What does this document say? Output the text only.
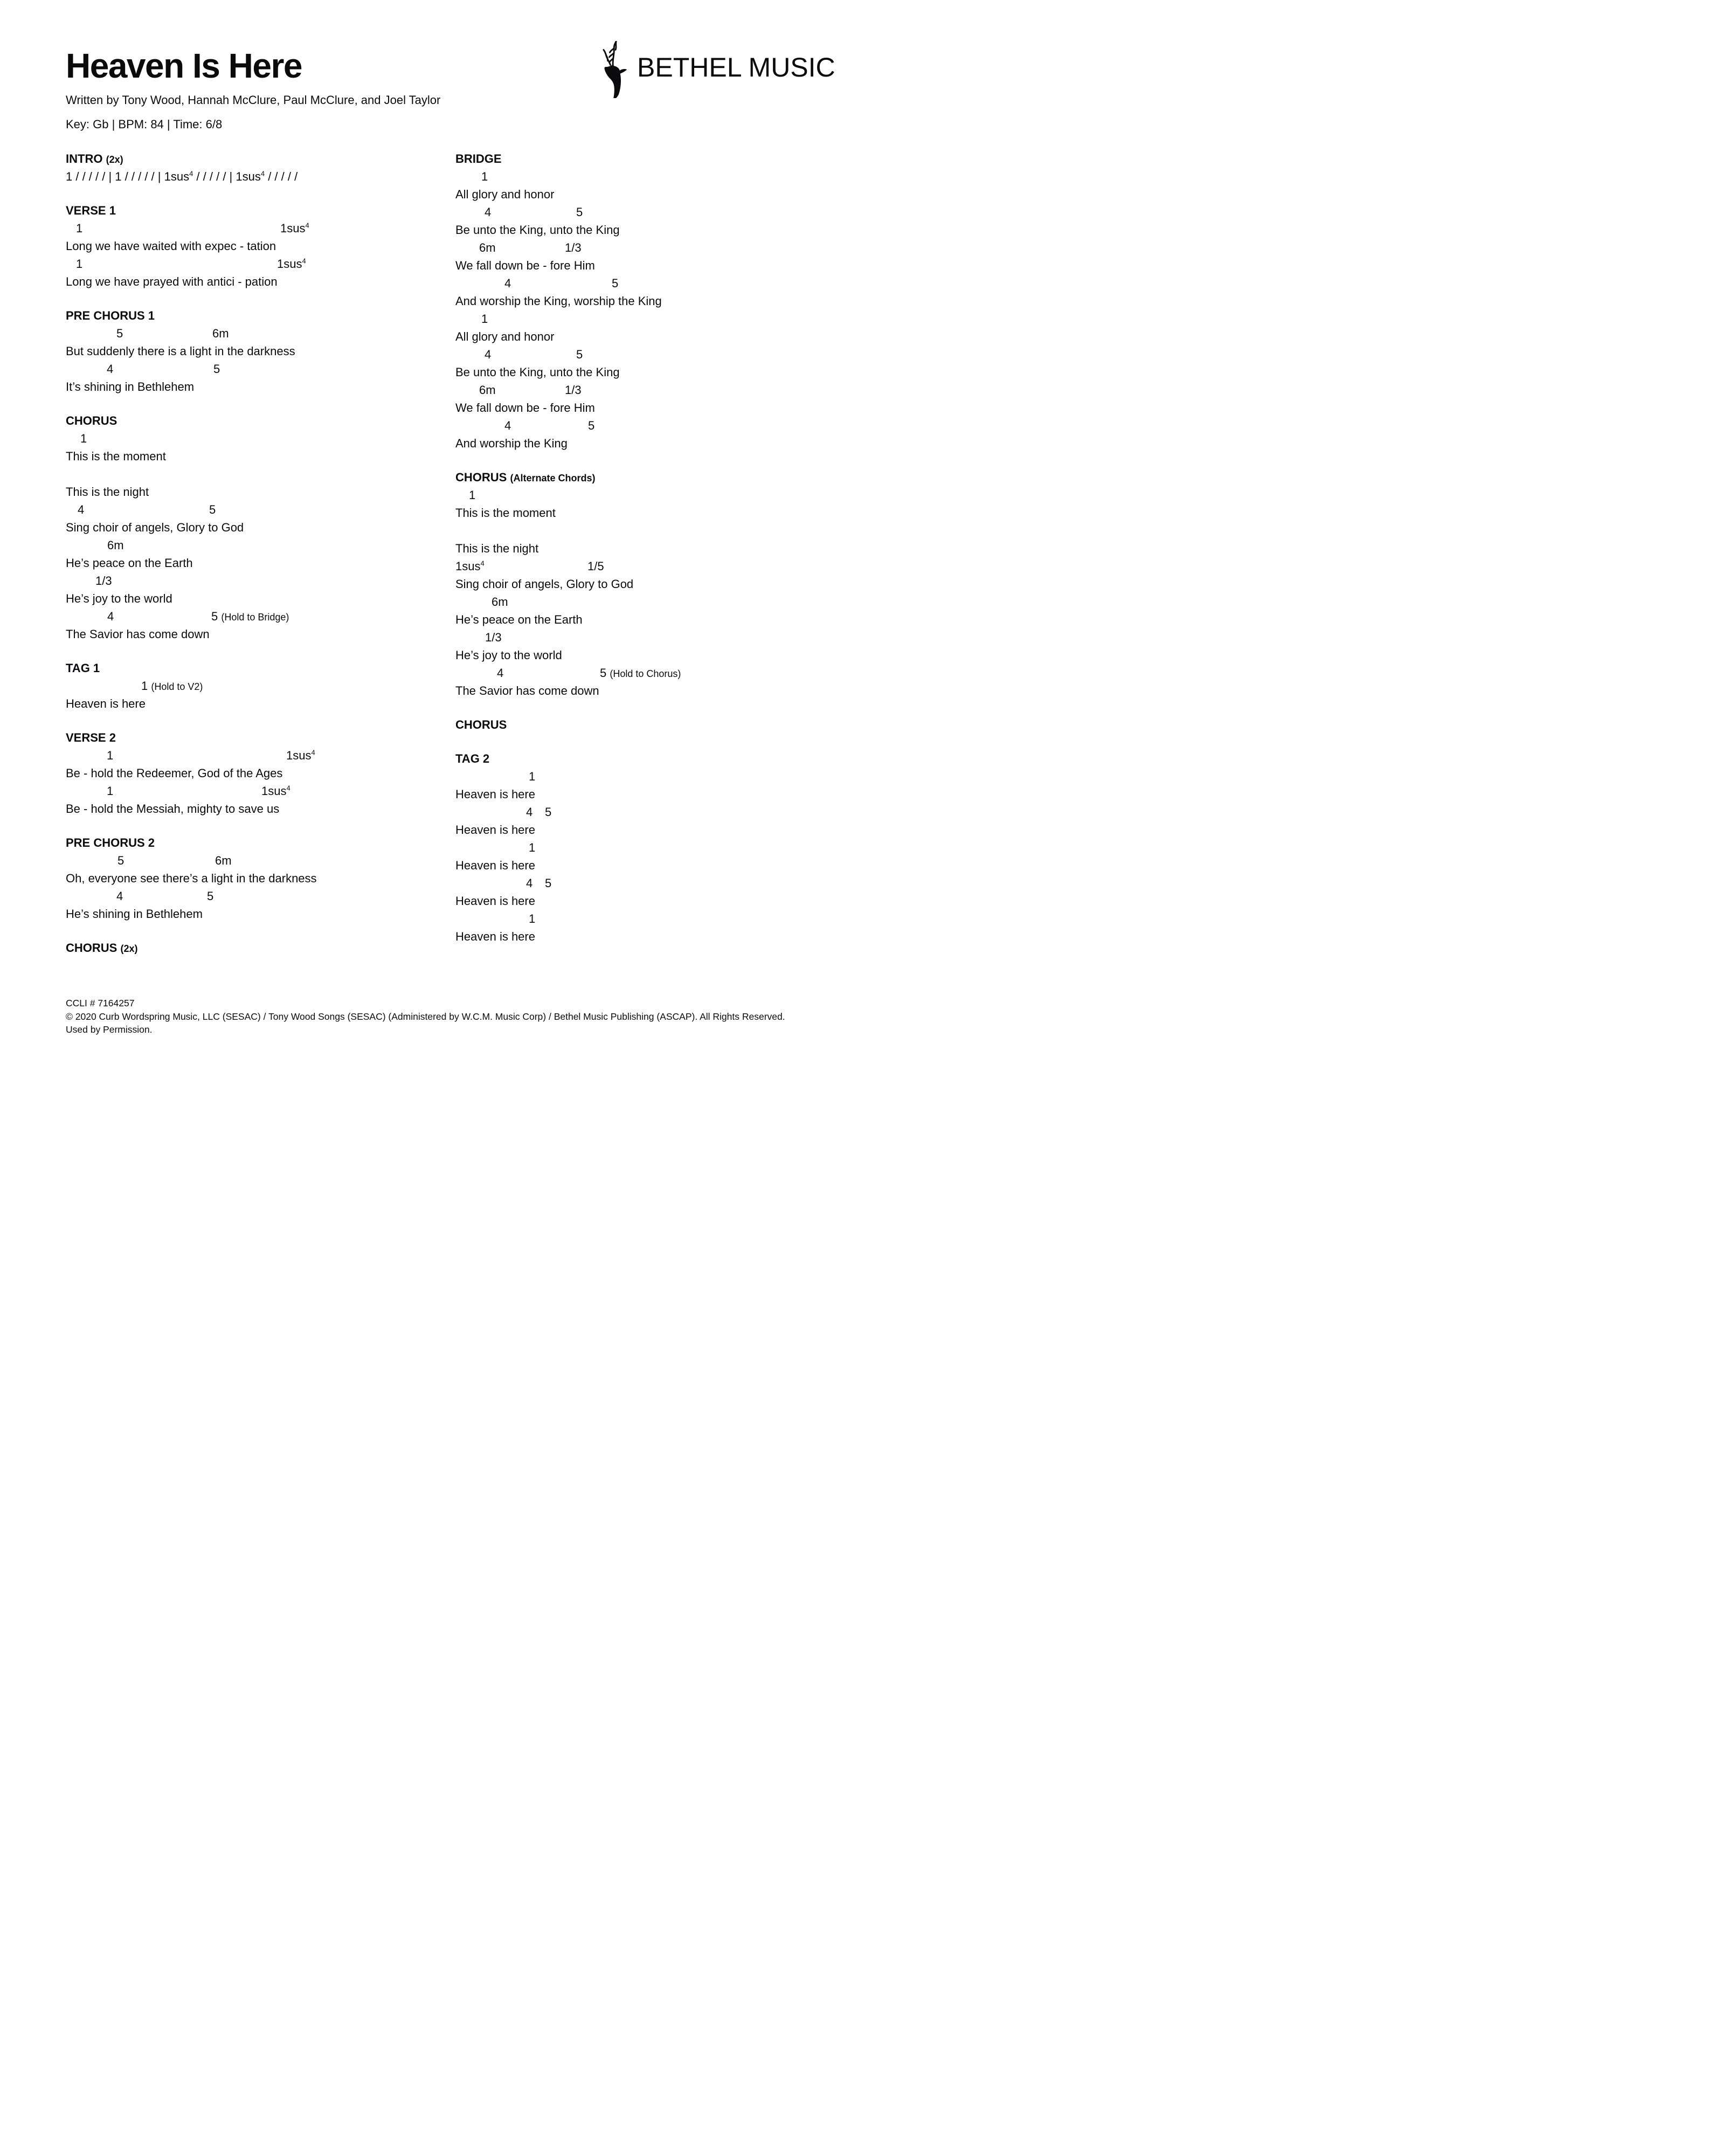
Heaven Is Here
Written by Tony Wood, Hannah McClure, Paul McClure, and Joel Taylor
Key: Gb | BPM: 84 | Time: 6/8
BETHEL MUSIC
INTRO (2x)
1 / / / / / | 1 / / / / / | 1sus$^4$ / / / / / | 1sus$^4$ / / / / /
VERSE 1
1	1sus$^4$
Long we have waited with expec - tation
1	1sus$^4$
Long we have prayed with antici - pation
PRE CHORUS 1
5	6m
But suddenly there is a light in the darkness
4	5
It’s shining in Bethlehem
CHORUS
1
This is the moment
This is the night
4	5
Sing choir of angels, Glory to God
6m
He’s peace on the Earth
1/3
He’s joy to the world
4	5 (Hold to Bridge)
The Savior has come down
TAG 1
1 (Hold to V2)
Heaven is here
VERSE 2
1	1sus$^4$
Be - hold the Redeemer, God of the Ages
1	1sus$^4$
Be - hold the Messiah, mighty to save us
PRE CHORUS 2
5	6m
Oh, everyone see there’s a light in the darkness
4	5
He’s shining in Bethlehem
CHORUS (2x)
BRIDGE
1
All glory and honor
4	5
Be unto the King, unto the King
6m	1/3
We fall down be - fore Him
4	5
And worship the King, worship the King
1
All glory and honor
4	5
Be unto the King, unto the King
6m	1/3
We fall down be - fore Him
4	5
And worship the King
CHORUS (Alternate Chords)
1
This is the moment
This is the night
1sus$^4$	1/5
Sing choir of angels, Glory to God
6m
He’s peace on the Earth
1/3
He’s joy to the world
4	5 (Hold to Chorus)
The Savior has come down
CHORUS
TAG 2
1
Heaven is here
4 5
Heaven is here
1
Heaven is here
4 5
Heaven is here
1
Heaven is here
CCLI # 7164257
© 2020 Curb Wordspring Music, LLC (SESAC) / Tony Wood Songs (SESAC) (Administered by W.C.M. Music Corp) / Bethel Music Publishing (ASCAP). All Rights Reserved.
Used by Permission.
